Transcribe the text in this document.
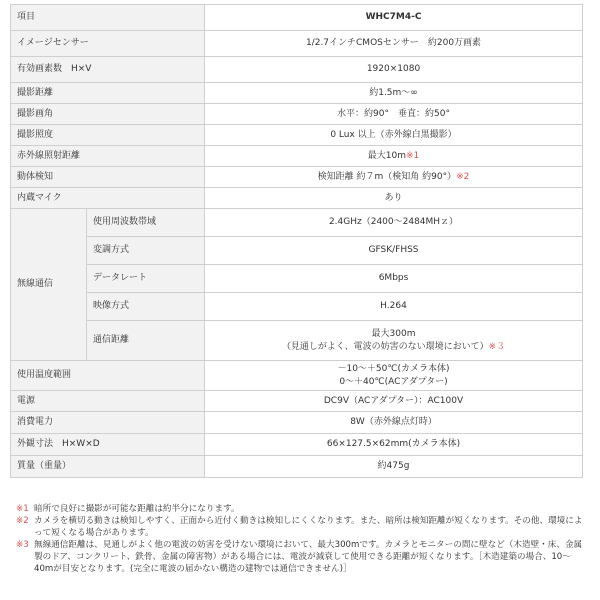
項目		WHC7M4-C
イメージセンサー		1/2.7インチCMOSセンサー　約200万画素
有効画素数　H×V		1920×1080
撮影距離		約1.5m～∞
撮影画角		水平：約90°　垂直：約50°
撮影照度		0 Lux 以上（赤外線白黒撮影）
赤外線照射距離		最大10m※1
動体検知		検知距離 約７m（検知角 約90°）※2
内蔵マイク		あり
無線通信	使用周波数帯域	2.4GHz（2400～2484MHｚ）
	変調方式	GFSK/FHSS
	データレート	6Mbps
	映像方式	H.264
	通信距離	最大300m
（見通しがよく、電波の妨害のない環境において）※３

使用温度範囲		－10～＋50℃(カメラ本体)
0～＋40℃(ACアダプター)

電源		DC9V（ACアダプター）：AC100V
消費電力		8W（赤外線点灯時）
外観寸法　H×W×D		66×127.5×62mm(カメラ本体)
質量（重量）		約475g
※1 暗所で良好に撮影が可能な距離は約半分になります。
※2 カメラを横切る動きは検知しやすく、正面から近付く動きは検知しにくくなります。また、暗所は検知距離が短くなります。その他、環境によって短くなる場合があります。
※3 無線通信距離は、見通しがよく他の電波の妨害を受けない環境において、最大300mです。カメラとモニターの間に壁など（木造壁・床、金属製のドア、コンクリート、鉄骨、金属の障害物）がある場合には、電波が減衰して使用できる距離が短くなります。［木造建築の場合、10～40mが目安となります。(完全に電波の届かない構造の建物では通信できません)］
